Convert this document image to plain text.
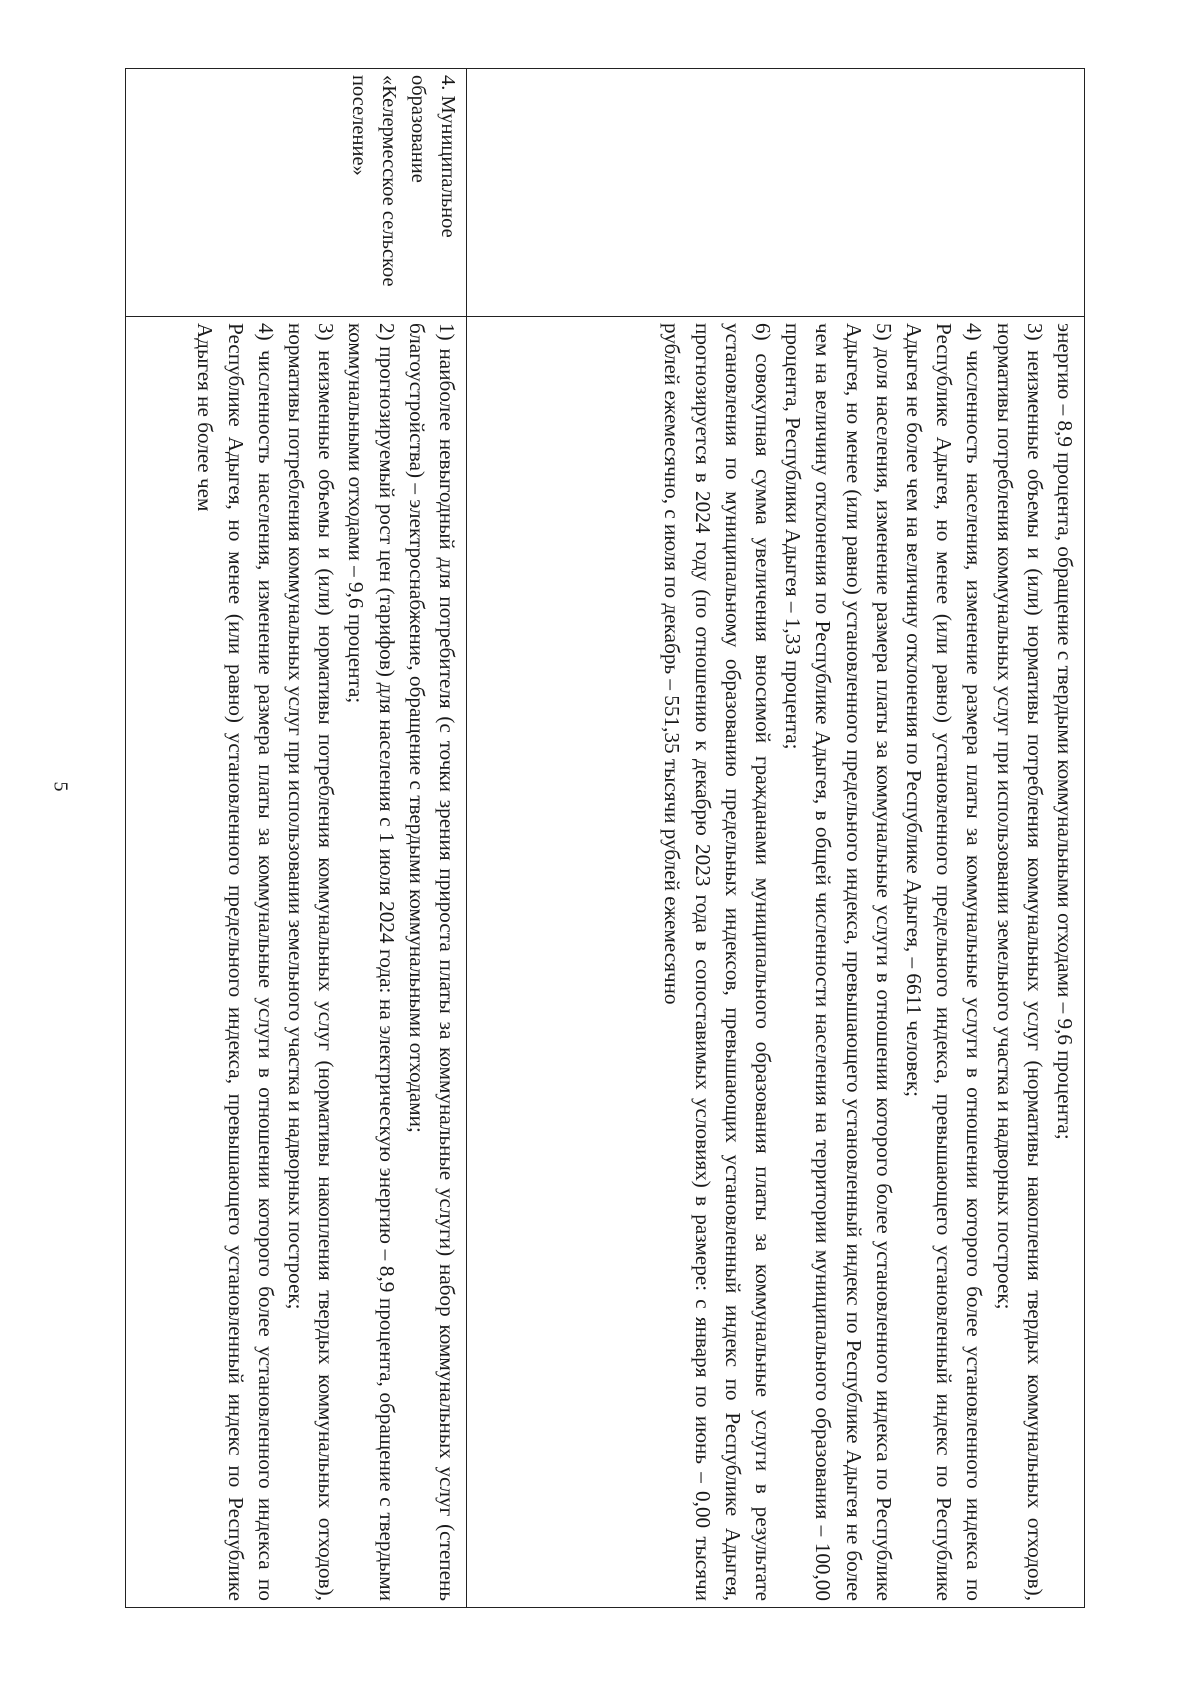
5	энергию – 8,9 процента, обращение с твердыми коммунальными отходами – 9,6 процента;
3) неизменные объемы и (или) нормативы потребления коммунальных услуг (нормативы накопления твердых коммунальных отходов), нормативы потребления коммунальных услуг при использовании земельного участка и надворных построек;
4) численность населения, изменение размера платы за коммунальные услуги в отношении которого более установленного индекса по Республике Адыгея, но менее (или равно) установленного предельного индекса, превышающего установленный индекс по Республике Адыгея не более чем на величину отклонения по Республике Адыгея, – 6611 человек;
5) доля населения, изменение размера платы за коммунальные услуги в отношении которого более установленного индекса по Республике Адыгея, но менее (или равно) установленного предельного индекса, превышающего установленный индекс по Республике Адыгея не более чем на величину отклонения по Республике Адыгея, в общей численности населения на территории муниципального образования – 100,00 процента, Республики Адыгея – 1,33 процента;
6) совокупная сумма увеличения вносимой гражданами муниципального образования платы за коммунальные услуги в результате установления по муниципальному образованию предельных индексов, превышающих установленный индекс по Республике Адыгея, прогнозируется в 2024 году (по отношению к декабрю 2023 года в сопоставимых условиях) в размере: с января по июнь – 0,00 тысячи рублей ежемесячно, с июля по декабрь – 551,35 тысячи рублей ежемесячно
4. Муниципальное образование «Келермесское сельское поселение»
1) наиболее невыгодный для потребителя (с точки зрения прироста платы за коммунальные услуги) набор коммунальных услуг (степень благоустройства) – электроснабжение, обращение с твердыми коммунальными отходами;
2) прогнозируемый рост цен (тарифов) для населения с 1 июля 2024 года: на электрическую энергию – 8,9 процента, обращение с твердыми коммунальными отходами – 9,6 процента;
3) неизменные объемы и (или) нормативы потребления коммунальных услуг (нормативы накопления твердых коммунальных отходов), нормативы потребления коммунальных услуг при использовании земельного участка и надворных построек;
4) численность населения, изменение размера платы за коммунальные услуги в отношении которого более установленного индекса по Республике Адыгея, но менее (или равно) установленного предельного индекса, превышающего установленный индекс по Республике Адыгея не более чем
